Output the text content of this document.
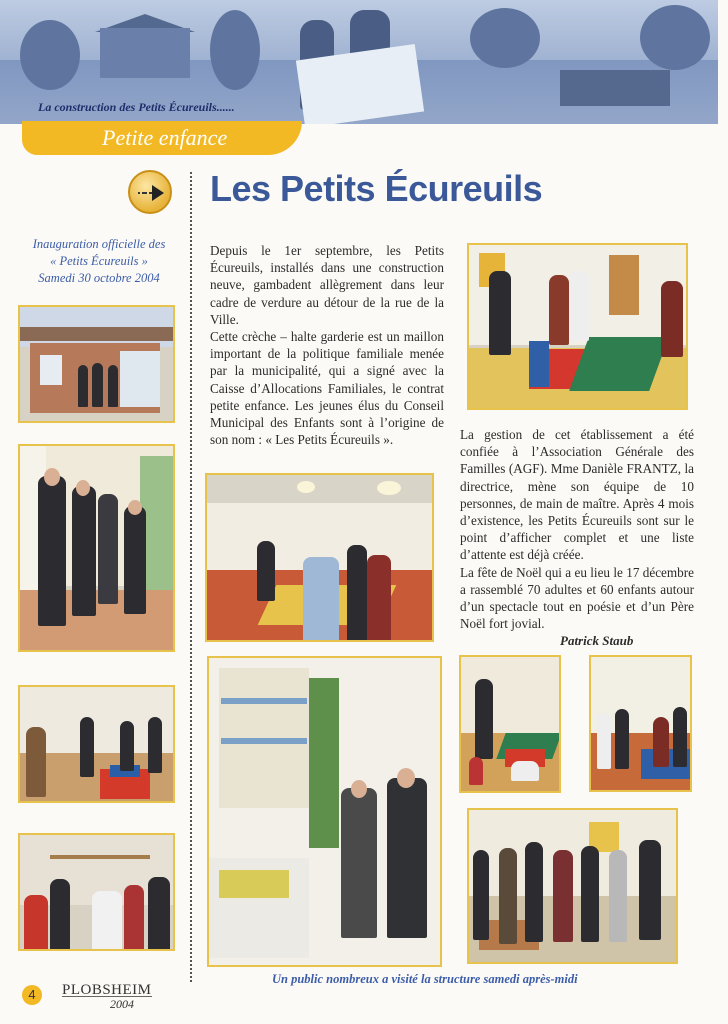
La construction des Petits Écureuils......
Petite enfance
Les Petits Écureuils
Inauguration officielle des
« Petits Écureuils »
Samedi 30 octobre 2004

Depuis le 1er septembre, les Petits Écureuils, installés dans une construction neuve, gambadent allègrement dans leur cadre de verdure au détour de la rue de la Ville.

Cette crèche – halte garderie est un maillon important de la politique familiale menée par la municipalité, qui a signé avec la Caisse d’Allocations Familiales, le contrat petite enfance. Les jeunes élus du Conseil Municipal des Enfants sont à l’origine de son nom : « Les Petits Écureuils ».	La gestion de cet établissement a été confiée à l’Association Générale des Familles (AGF). Mme Danièle FRANTZ, la directrice, mène son équipe de 10 personnes, de main de maître. Après 4 mois d’existence, les Petits Écureuils sont sur le point d’afficher complet et une liste d’attente est déjà créée.

La fête de Noël qui a eu lieu le 17 décembre a rassemblé 70 adultes et 60 enfants autour d’un spectacle tout en poésie et d’un Père Noël fort jovial.

Patrick Staub
Un public nombreux a visité la structure samedi après-midi
4	PLOBSHEIM
2004
